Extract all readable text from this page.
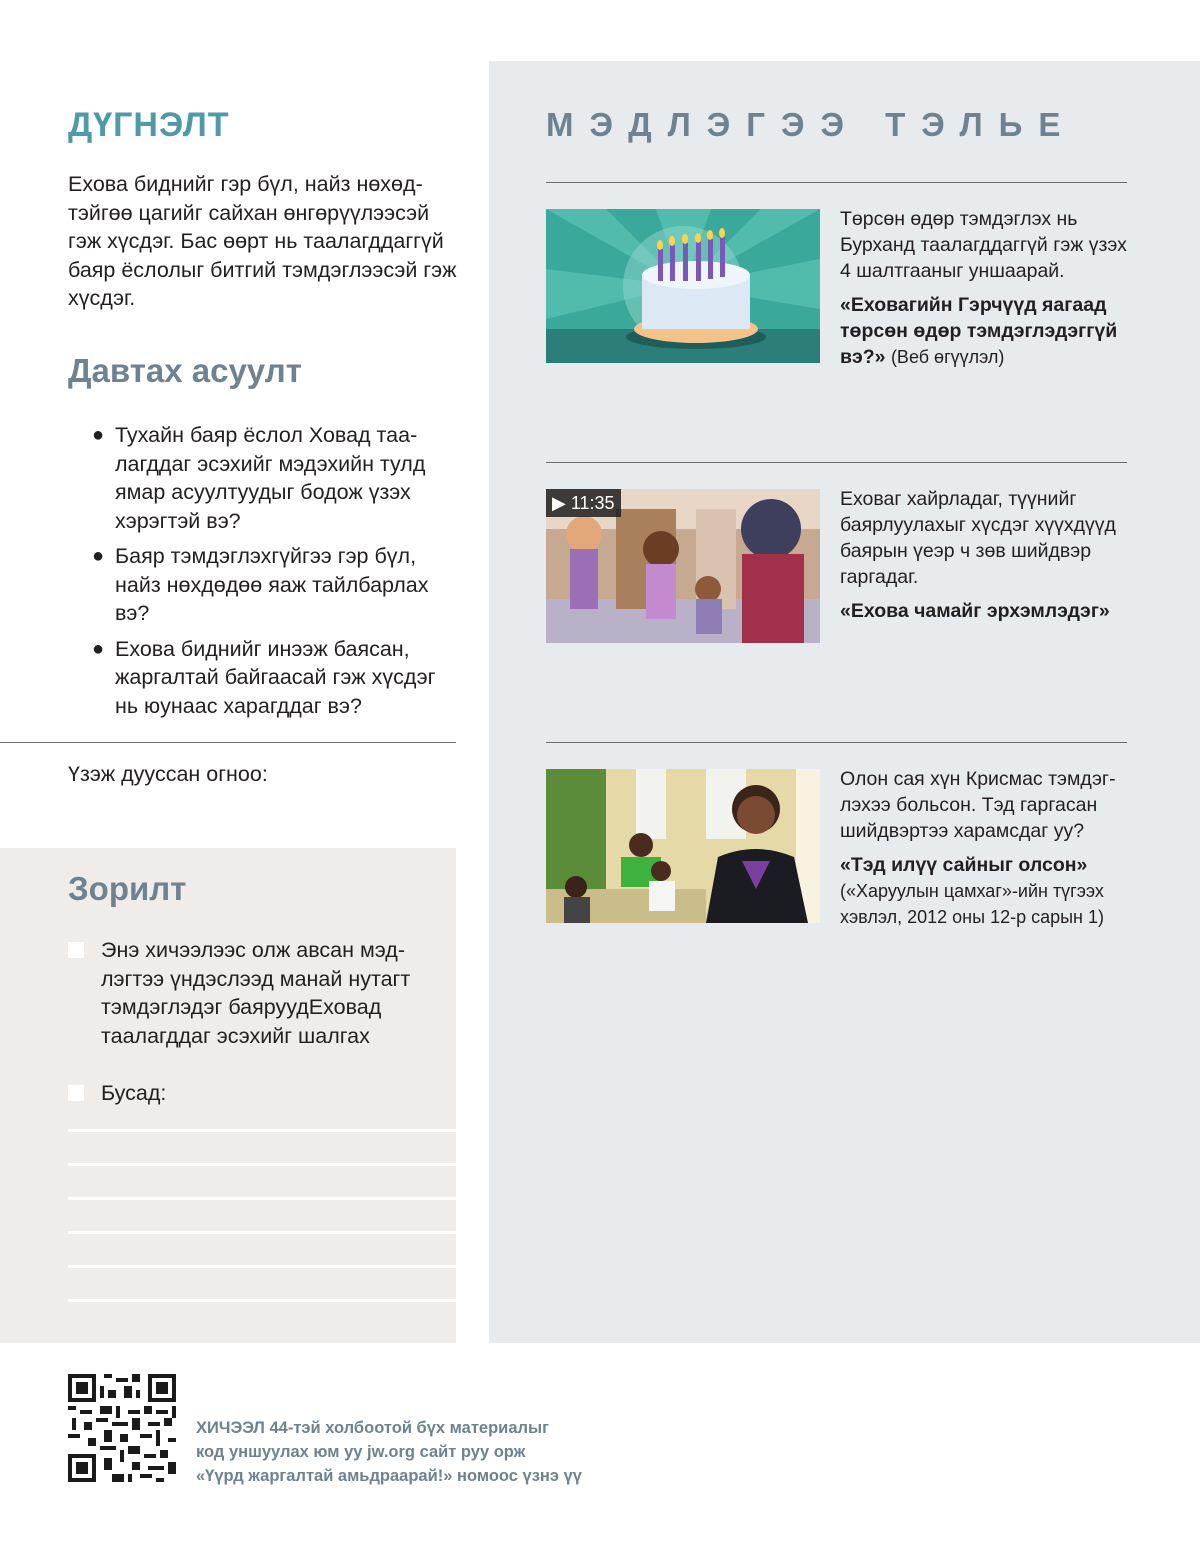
ДҮГНЭЛТ
Ехова биднийг гэр бүл, найз нөхөдтэйгөө цагийг сайхан өнгөрүүлээсэй гэж хүсдэг. Бас өөрт нь таалагддаггүй баяр ёслолыг битгий тэмдэглээсэй гэж хүсдэг.
Давтах асуулт
● Тухайн баяр ёслол Ховад таалагддаг эсэхийг мэдэхийн тулд ямар асуултуудыг бодож үзэх хэрэгтэй вэ?
● Баяр тэмдэглэхгүйгээ гэр бүл, найз нөхдөдөө яаж тайлбарлах вэ?
● Ехова биднийг инээж баясан, жаргалтай байгаасай гэж хүсдэг нь юунаас харагддаг вэ?
Үзэж дууссан огноо:
Зорилт
Энэ хичээлээс олж авсан мэдлэгтээ үндэслээд манай нутагт тэмдэглэдэг баяруудЕховад таалагддаг эсэхийг шалгах
Бусад:
МЭДЛЭГЭЭ ТЭЛЬЕ
Төрсөн өдөр тэмдэглэх нь Бурханд таалагддаггүй гэж үзэх 4 шалтгааныг уншаарай.
«Еховагийн Гэрчүүд яагаад төрсөн өдөр тэмдэглэдэггүй вэ?» (Веб өгүүлэл)
▶ 11:35	Еховаг хайрладаг, түүнийг баярлуулахыг хүсдэг хүүхдүүд баярын үеэр ч зөв шийдвэр гаргадаг.
«Ехова чамайг эрхэмлэдэг»
Олон сая хүн Крисмас тэмдэглэхээ больсон. Тэд гаргасан шийдвэртээ харамсдаг уу?
«Тэд илүү сайныг олсон»
(«Харуулын цамхаг»-ийн түгээх хэвлэл, 2012 оны 12-р сарын 1)
ХИЧЭЭЛ 44-тэй холбоотой бүх материалыг
код уншуулах юм уу jw.org сайт руу орж
«Үүрд жаргалтай амьдраарай!» номоос үзнэ үү
